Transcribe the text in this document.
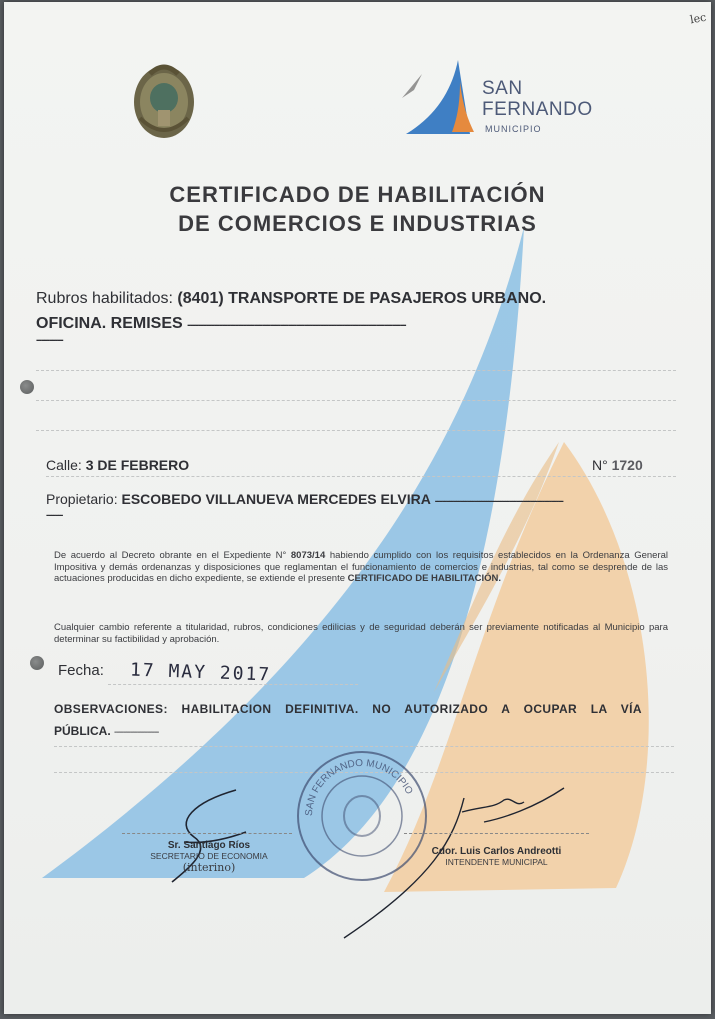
lec
SAN
FERNANDO
MUNICIPIO
CERTIFICADO DE HABILITACIÓN
DE COMERCIOS E INDUSTRIAS
Rubros habilitados: (8401) TRANSPORTE DE PASAJEROS URBANO.
OFICINA. REMISES ----------------------------------------------------------------------------------
----------
Calle: 3 DE FEBRERO	N° 1720
Propietario: ESCOBEDO VILLANUEVA MERCEDES ELVIRA -------------------------------------------------------
-------
De acuerdo al Decreto obrante en el Expediente N° 8073/14 habiendo cumplido con los requisitos establecidos en la Ordenanza General Impositiva y demás ordenanzas y disposiciones que reglamentan el funcionamiento de comercios e industrias, tal como se desprende de las actuaciones producidas en dicho expediente, se extiende el presente CERTIFICADO DE HABILITACIÓN.
Cualquier cambio referente a titularidad, rubros, condiciones edilicias y de seguridad deberán ser previamente notificadas al Municipio para determinar su factibilidad y aprobación.
Fecha: 17 MAY 2017
OBSERVACIONES: HABILITACION DEFINITIVA. NO AUTORIZADO A OCUPAR LA VÍA
PÚBLICA. -------------------
SAN FERNANDO MUNICIPIO
Sr. Santiago Ríos
SECRETARIO DE ECONOMIA
(interino)
Cdor. Luis Carlos Andreotti
INTENDENTE MUNICIPAL
